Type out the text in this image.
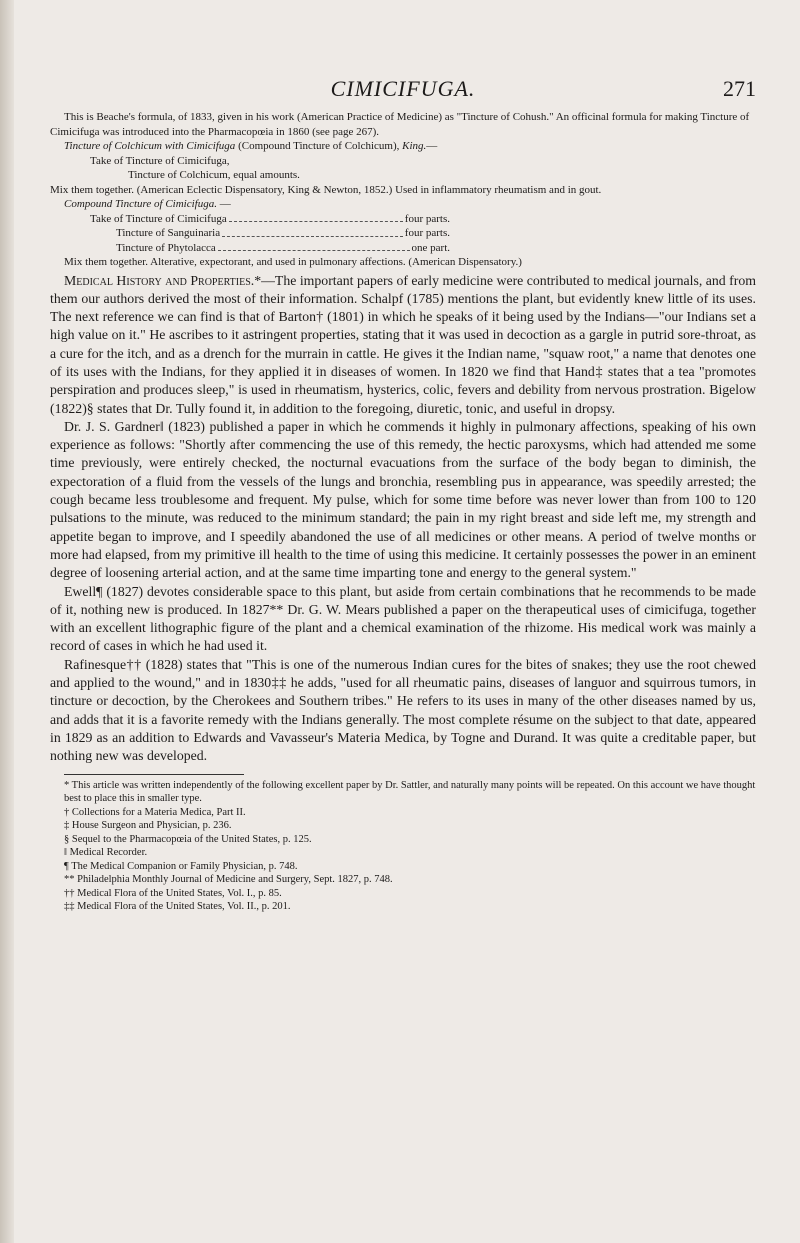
CIMICIFUGA.	271

This is Beache's formula, of 1833, given in his work (American Practice of Medicine) as "Tincture of Cohush." An officinal formula for making Tincture of Cimicifuga was introduced into the Pharmacopœia in 1860 (see page 267).

Tincture of Colchicum with Cimicifuga (Compound Tincture of Colchicum), King.—

Take of Tincture of Cimicifuga,

Tincture of Colchicum, equal amounts.

Mix them together. (American Eclectic Dispensatory, King & Newton, 1852.) Used in inflammatory rheumatism and in gout.

Compound Tincture of Cimicifuga. —

Take of Tincture of Cimicifuga	four parts.
Tincture of Sanguinaria	four parts.
Tincture of Phytolacca	one part.

Mix them together. Alterative, expectorant, and used in pulmonary affections. (American Dispensatory.)

Medical History and Properties.*—The important papers of early medicine were contributed to medical journals, and from them our authors derived the most of their information. Schalpf (1785) mentions the plant, but evidently knew little of its uses. The next reference we can find is that of Barton† (1801) in which he speaks of it being used by the Indians—"our Indians set a high value on it." He ascribes to it astringent properties, stating that it was used in decoction as a gargle in putrid sore-throat, as a cure for the itch, and as a drench for the murrain in cattle. He gives it the Indian name, "squaw root," a name that denotes one of its uses with the Indians, for they applied it in diseases of women. In 1820 we find that Hand‡ states that a tea "promotes perspiration and produces sleep," is used in rheumatism, hysterics, colic, fevers and debility from nervous prostration. Bigelow (1822)§ states that Dr. Tully found it, in addition to the foregoing, diuretic, tonic, and useful in dropsy.

Dr. J. S. Gardner‖ (1823) published a paper in which he commends it highly in pulmonary affections, speaking of his own experience as follows: "Shortly after commencing the use of this remedy, the hectic paroxysms, which had attended me some time previously, were entirely checked, the nocturnal evacuations from the surface of the body began to diminish, the expectoration of a fluid from the vessels of the lungs and bronchia, resembling pus in appearance, was speedily arrested; the cough became less troublesome and frequent. My pulse, which for some time before was never lower than from 100 to 120 pulsations to the minute, was reduced to the minimum standard; the pain in my right breast and side left me, my strength and appetite began to improve, and I speedily abandoned the use of all medicines or other means. A period of twelve months or more had elapsed, from my primitive ill health to the time of using this medicine. It certainly possesses the power in an eminent degree of loosening arterial action, and at the same time imparting tone and energy to the general system."

Ewell¶ (1827) devotes considerable space to this plant, but aside from certain combinations that he recommends to be made of it, nothing new is produced. In 1827** Dr. G. W. Mears published a paper on the therapeutical uses of cimicifuga, together with an excellent lithographic figure of the plant and a chemical examination of the rhizome. His medical work was mainly a record of cases in which he had used it.

Rafinesque†† (1828) states that "This is one of the numerous Indian cures for the bites of snakes; they use the root chewed and applied to the wound," and in 1830‡‡ he adds, "used for all rheumatic pains, diseases of languor and squirrous tumors, in tincture or decoction, by the Cherokees and Southern tribes." He refers to its uses in many of the other diseases named by us, and adds that it is a favorite remedy with the Indians generally. The most complete résume on the subject to that date, appeared in 1829 as an addition to Edwards and Vavasseur's Materia Medica, by Togne and Durand. It was quite a creditable paper, but nothing new was developed.

* This article was written independently of the following excellent paper by Dr. Sattler, and naturally many points will be repeated. On this account we have thought best to place this in smaller type.

† Collections for a Materia Medica, Part II.

‡ House Surgeon and Physician, p. 236.

§ Sequel to the Pharmacopœia of the United States, p. 125.

‖ Medical Recorder.

¶ The Medical Companion or Family Physician, p. 748.

** Philadelphia Monthly Journal of Medicine and Surgery, Sept. 1827, p. 748.

†† Medical Flora of the United States, Vol. I., p. 85.

‡‡ Medical Flora of the United States, Vol. II., p. 201.
